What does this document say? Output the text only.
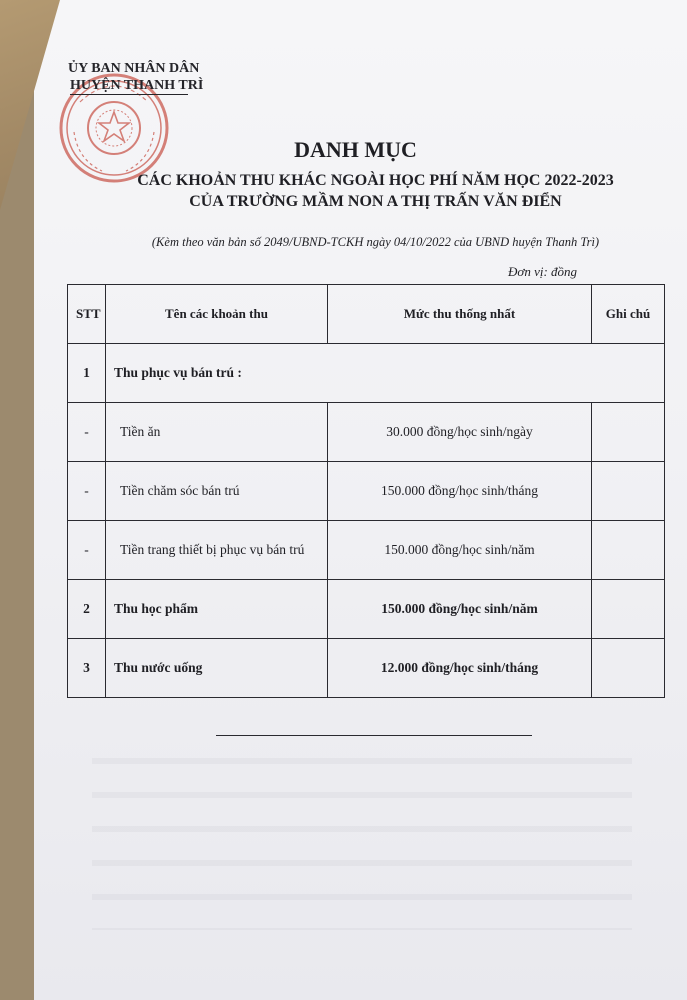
ỦY BAN NHÂN DÂN
HUYỆN THANH TRÌ
DANH MỤC
CÁC KHOẢN THU KHÁC NGOÀI HỌC PHÍ NĂM HỌC 2022-2023
CỦA TRƯỜNG MẦM NON A THỊ TRẤN VĂN ĐIỂN
(Kèm theo văn bản số 2049/UBND-TCKH ngày 04/10/2022 của UBND huyện Thanh Trì)
Đơn vị: đồng
STT	Tên các khoản thu	Mức thu thống nhất	Ghi chú
1	Thu phục vụ bán trú :		
-	Tiền ăn	30.000 đồng/học sinh/ngày	
-	Tiền chăm sóc bán trú	150.000 đồng/học sinh/tháng	
-	Tiền trang thiết bị phục vụ bán trú	150.000 đồng/học sinh/năm	
2	Thu học phẩm	150.000 đồng/học sinh/năm	
3	Thu nước uống	12.000 đồng/học sinh/tháng	
